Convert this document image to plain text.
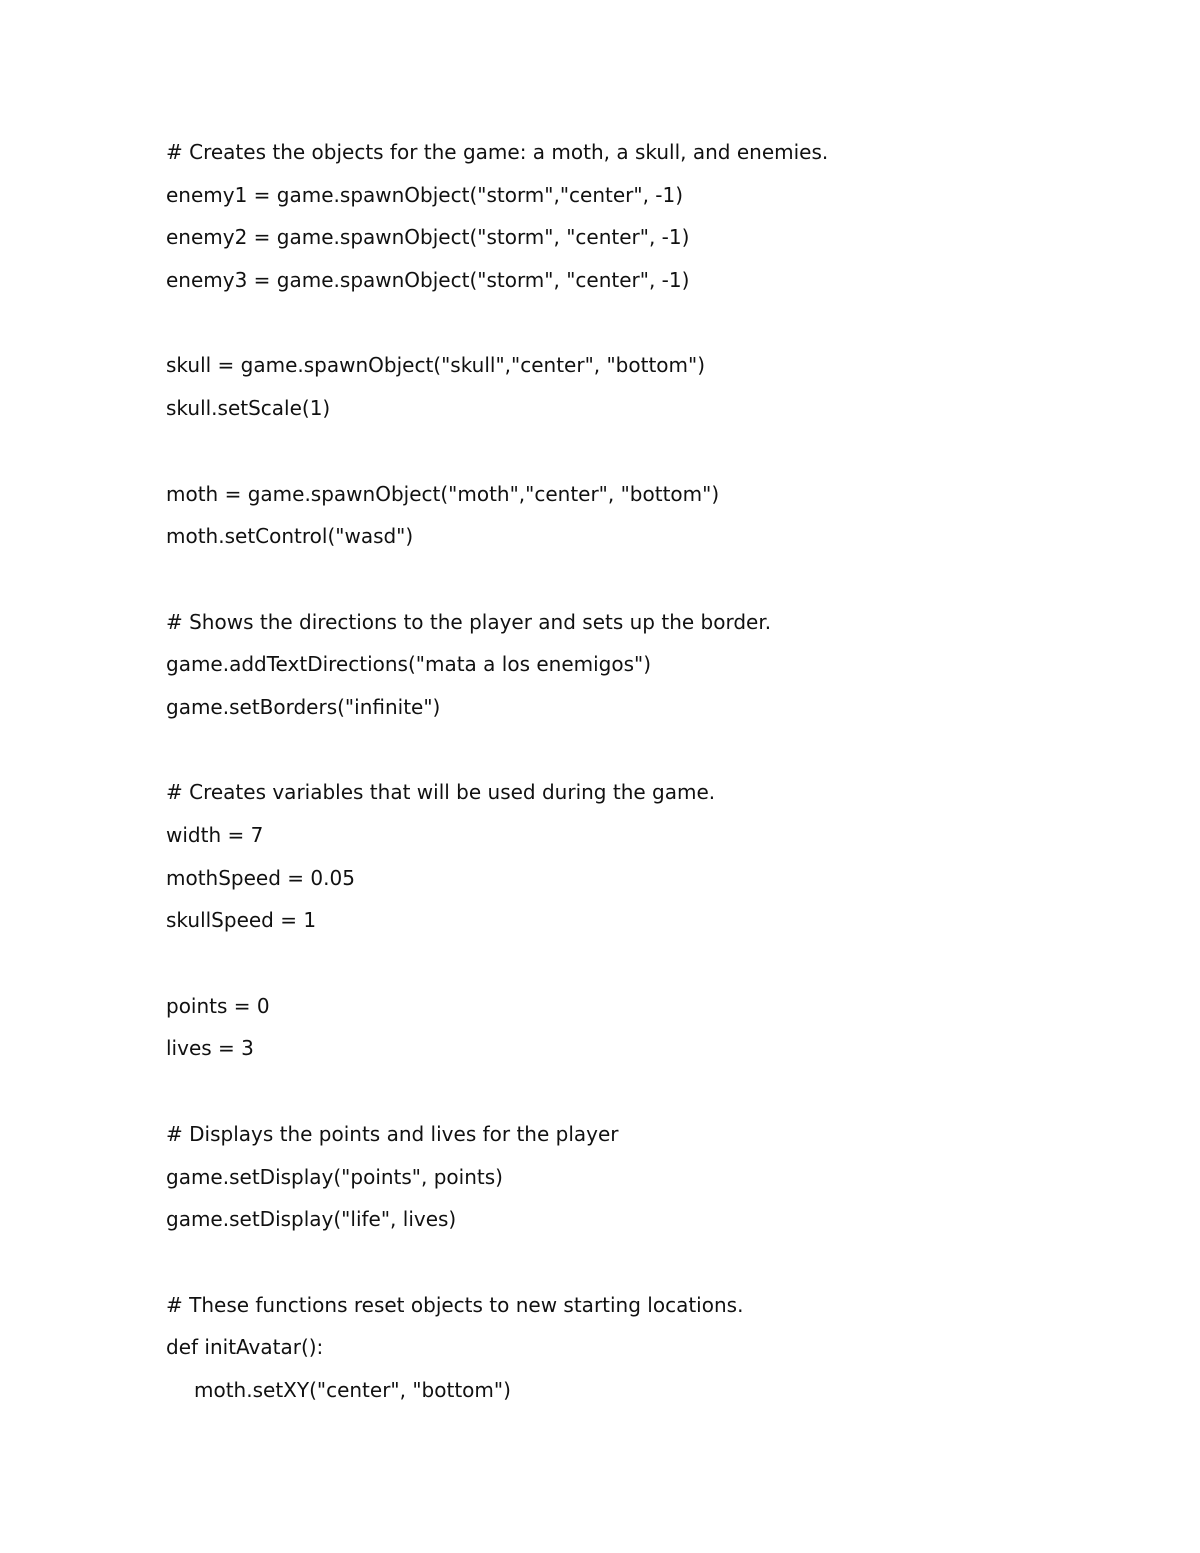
# Creates the objects for the game: a moth, a skull, and enemies.
enemy1 = game.spawnObject("storm","center", -1)
enemy2 = game.spawnObject("storm", "center", -1)
enemy3 = game.spawnObject("storm", "center", -1)
skull = game.spawnObject("skull","center", "bottom")
skull.setScale(1)
moth = game.spawnObject("moth","center", "bottom")
moth.setControl("wasd")
# Shows the directions to the player and sets up the border.
game.addTextDirections("mata a los enemigos")
game.setBorders("infinite")
# Creates variables that will be used during the game.
width = 7
mothSpeed = 0.05
skullSpeed = 1
points = 0
lives = 3
# Displays the points and lives for the player
game.setDisplay("points", points)
game.setDisplay("life", lives)
# These functions reset objects to new starting locations.
def initAvatar():
moth.setXY("center", "bottom")
